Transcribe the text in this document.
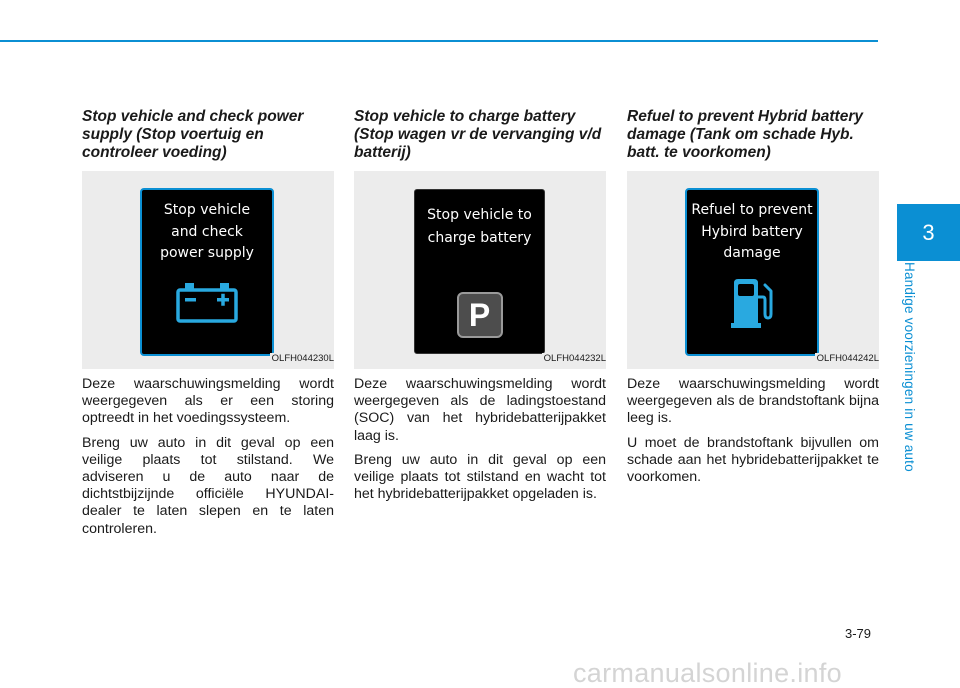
3
Handige voorzieningen in uw auto
Stop vehicle and check power supply (Stop voertuig en controleer voeding)
Stop vehicle
and check
power supply
OLFH044230L

Deze waarschuwingsmelding wordt weergegeven als er een storing optreedt in het voedingssysteem.

Breng uw auto in dit geval op een veilige plaats tot stilstand. We adviseren u de auto naar de dichtstbijzijnde officiële HYUNDAI-dealer te laten slepen en te laten controleren.

Stop vehicle to charge battery (Stop wagen vr de vervanging v/d batterij)
Stop vehicle to
charge battery
P
OLFH044232L

Deze waarschuwingsmelding wordt weergegeven als de ladingstoestand (SOC) van het hybridebatterijpakket laag is.

Breng uw auto in dit geval op een veilige plaats tot stilstand en wacht tot het hybridebatterijpakket opgeladen is.

Refuel to prevent Hybrid battery damage (Tank om schade Hyb. batt. te voorkomen)
Refuel to prevent
Hybird battery
damage
OLFH044242L

Deze waarschuwingsmelding wordt weergegeven als de brandstoftank bijna leeg is.

U moet de brandstoftank bijvullen om schade aan het hybridebatterijpakket te voorkomen.

3-79
carmanualsonline.info
